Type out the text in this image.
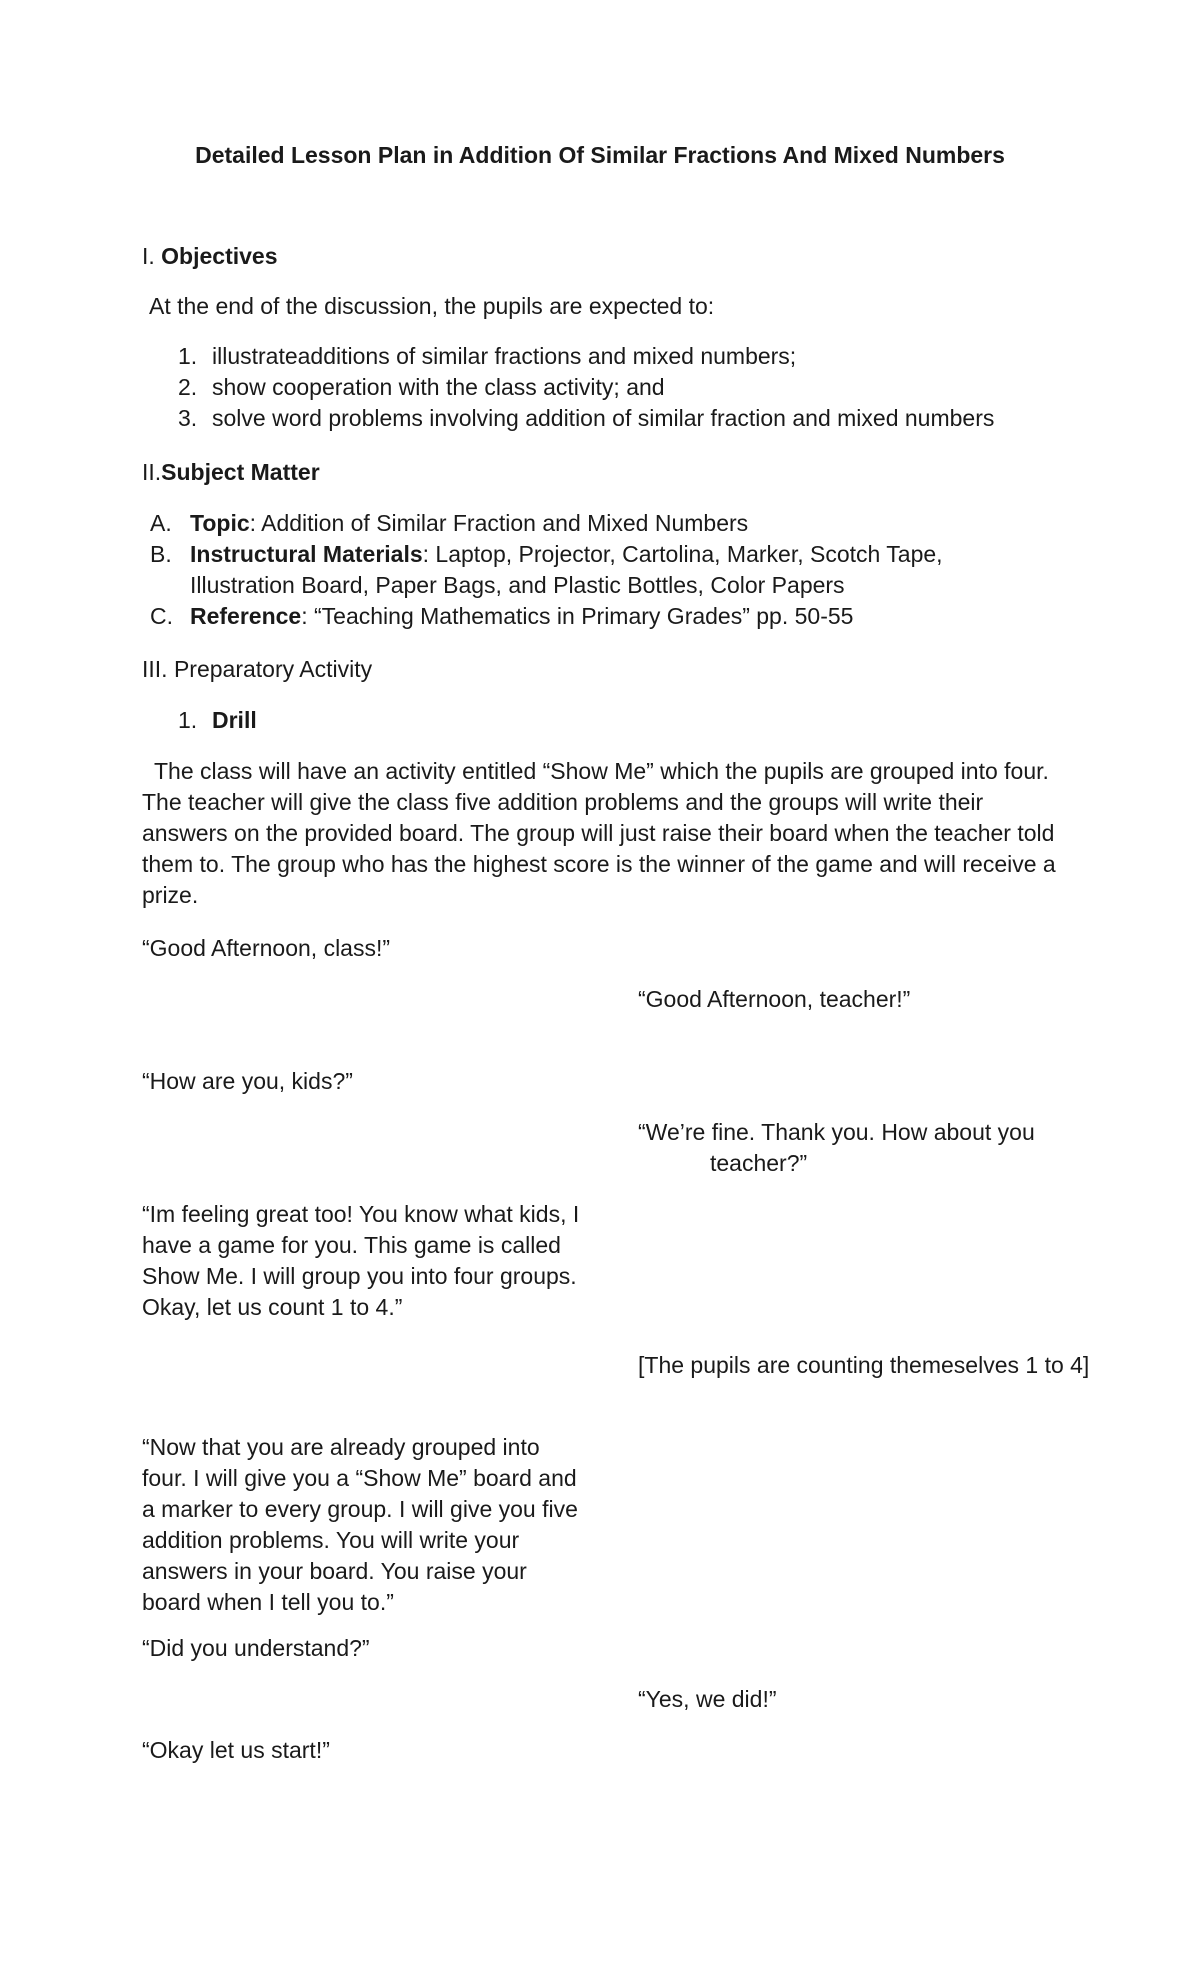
Detailed Lesson Plan in Addition Of Similar Fractions And Mixed Numbers
I. Objectives
At the end of the discussion, the pupils are expected to:
1. illustrateadditions of similar fractions and mixed numbers;
2. show cooperation with the class activity; and
3. solve word problems involving addition of similar fraction and mixed numbers
II.Subject Matter
A. Topic: Addition of Similar Fraction and Mixed Numbers
B. Instructural Materials: Laptop, Projector, Cartolina, Marker, Scotch Tape, Illustration Board, Paper Bags, and Plastic Bottles, Color Papers
C. Reference: “Teaching Mathematics in Primary Grades” pp. 50-55
III. Preparatory Activity
1. Drill
The class will have an activity entitled “Show Me” which the pupils are grouped into four. The teacher will give the class five addition problems and the groups will write their answers on the provided board. The group will just raise their board when the teacher told them to. The group who has the highest score is the winner of the game and will receive a prize.
“Good Afternoon, class!”
“Good Afternoon, teacher!”
“How are you, kids?”
“We’re fine. Thank you. How about you teacher?”
“Im feeling great too! You know what kids, I have a game for you. This game is called Show Me. I will group you into four groups. Okay, let us count 1 to 4.”
[The pupils are counting themeselves 1 to 4]
“Now that you are already grouped into four. I will give you a “Show Me” board and a marker to every group. I will give you five addition problems. You will write your answers in your board. You raise your board when I tell you to.”
“Did you understand?”
“Yes, we did!”
“Okay let us start!”
